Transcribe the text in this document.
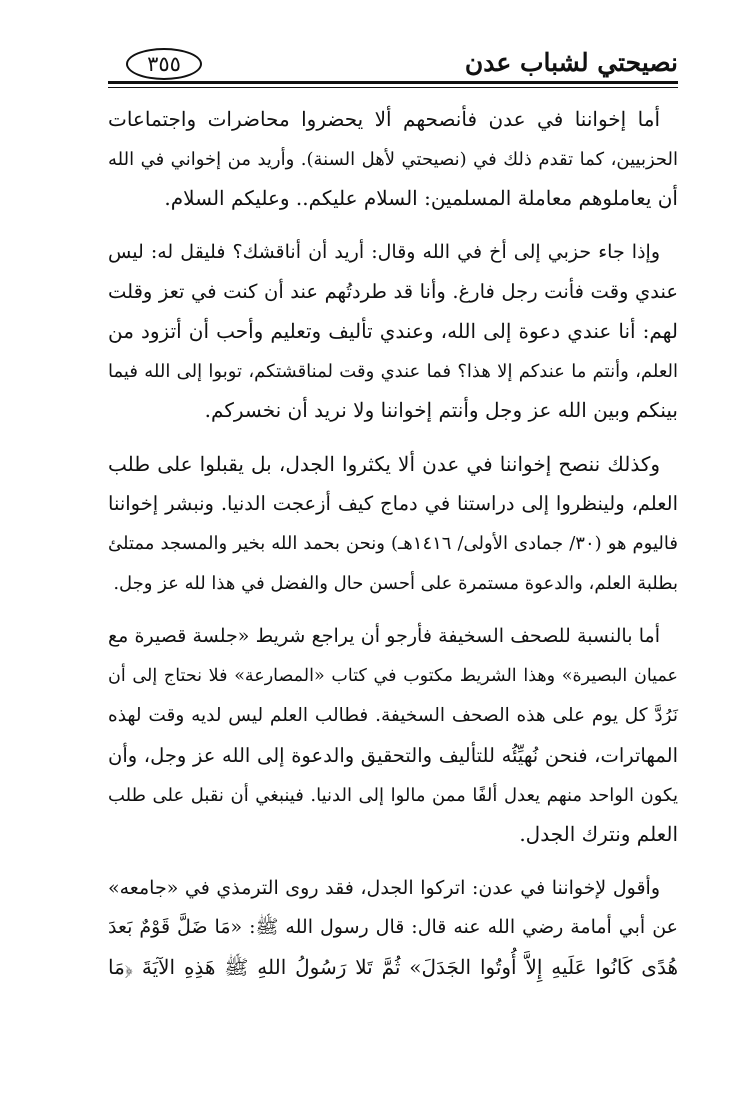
نصيحتي لشباب عدن
٣٥٥
أما إخواننا في عدن فأنصحهم ألا يحضروا محاضرات واجتماعات
الحزبيين، كما تقدم ذلك في (نصيحتي لأهل السنة). وأريد من إخواني في الله
أن يعاملوهم معاملة المسلمين: السلام عليكم.. وعليكم السلام.
وإذا جاء حزبي إلى أخ في الله وقال: أريد أن أناقشك؟ فليقل له: ليس
عندي وقت فأنت رجل فارغ. وأنا قد طردتُهم عند أن كنت في تعز وقلت
لهم: أنا عندي دعوة إلى الله، وعندي تأليف وتعليم وأحب أن أتزود من
العلم، وأنتم ما عندكم إلا هذا؟ فما عندي وقت لمناقشتكم، توبوا إلى الله فيما
بينكم وبين الله عز وجل وأنتم إخواننا ولا نريد أن نخسركم.
وكذلك ننصح إخواننا في عدن ألا يكثروا الجدل، بل يقبلوا على طلب
العلم، ولينظروا إلى دراستنا في دماج كيف أزعجت الدنيا. ونبشر إخواننا
فاليوم هو (٣٠/ جمادى الأولى/ ١٤١٦هـ) ونحن بحمد الله بخير والمسجد ممتلئ
بطلبة العلم، والدعوة مستمرة على أحسن حال والفضل في هذا لله عز وجل.
أما بالنسبة للصحف السخيفة فأرجو أن يراجع شريط «جلسة قصيرة مع
عميان البصيرة» وهذا الشريط مكتوب في كتاب «المصارعة» فلا نحتاج إلى أن
نَرُدَّ كل يوم على هذه الصحف السخيفة. فطالب العلم ليس لديه وقت لهذه
المهاترات، فنحن نُهيِّئُه للتأليف والتحقيق والدعوة إلى الله عز وجل، وأن
يكون الواحد منهم يعدل ألفًا ممن مالوا إلى الدنيا. فينبغي أن نقبل على طلب
العلم ونترك الجدل.
وأقول لإخواننا في عدن: اتركوا الجدل، فقد روى الترمذي في «جامعه»
عن أبي أمامة رضي الله عنه قال: قال رسول الله ﷺ: «مَا ضَلَّ قَوْمٌ بَعدَ
هُدًى كَانُوا عَلَيهِ إِلاَّ أُوتُوا الجَدَلَ» ثُمَّ تَلا رَسُولُ اللهِ ﷺ هَذِهِ الآيَةَ ﴿مَا
